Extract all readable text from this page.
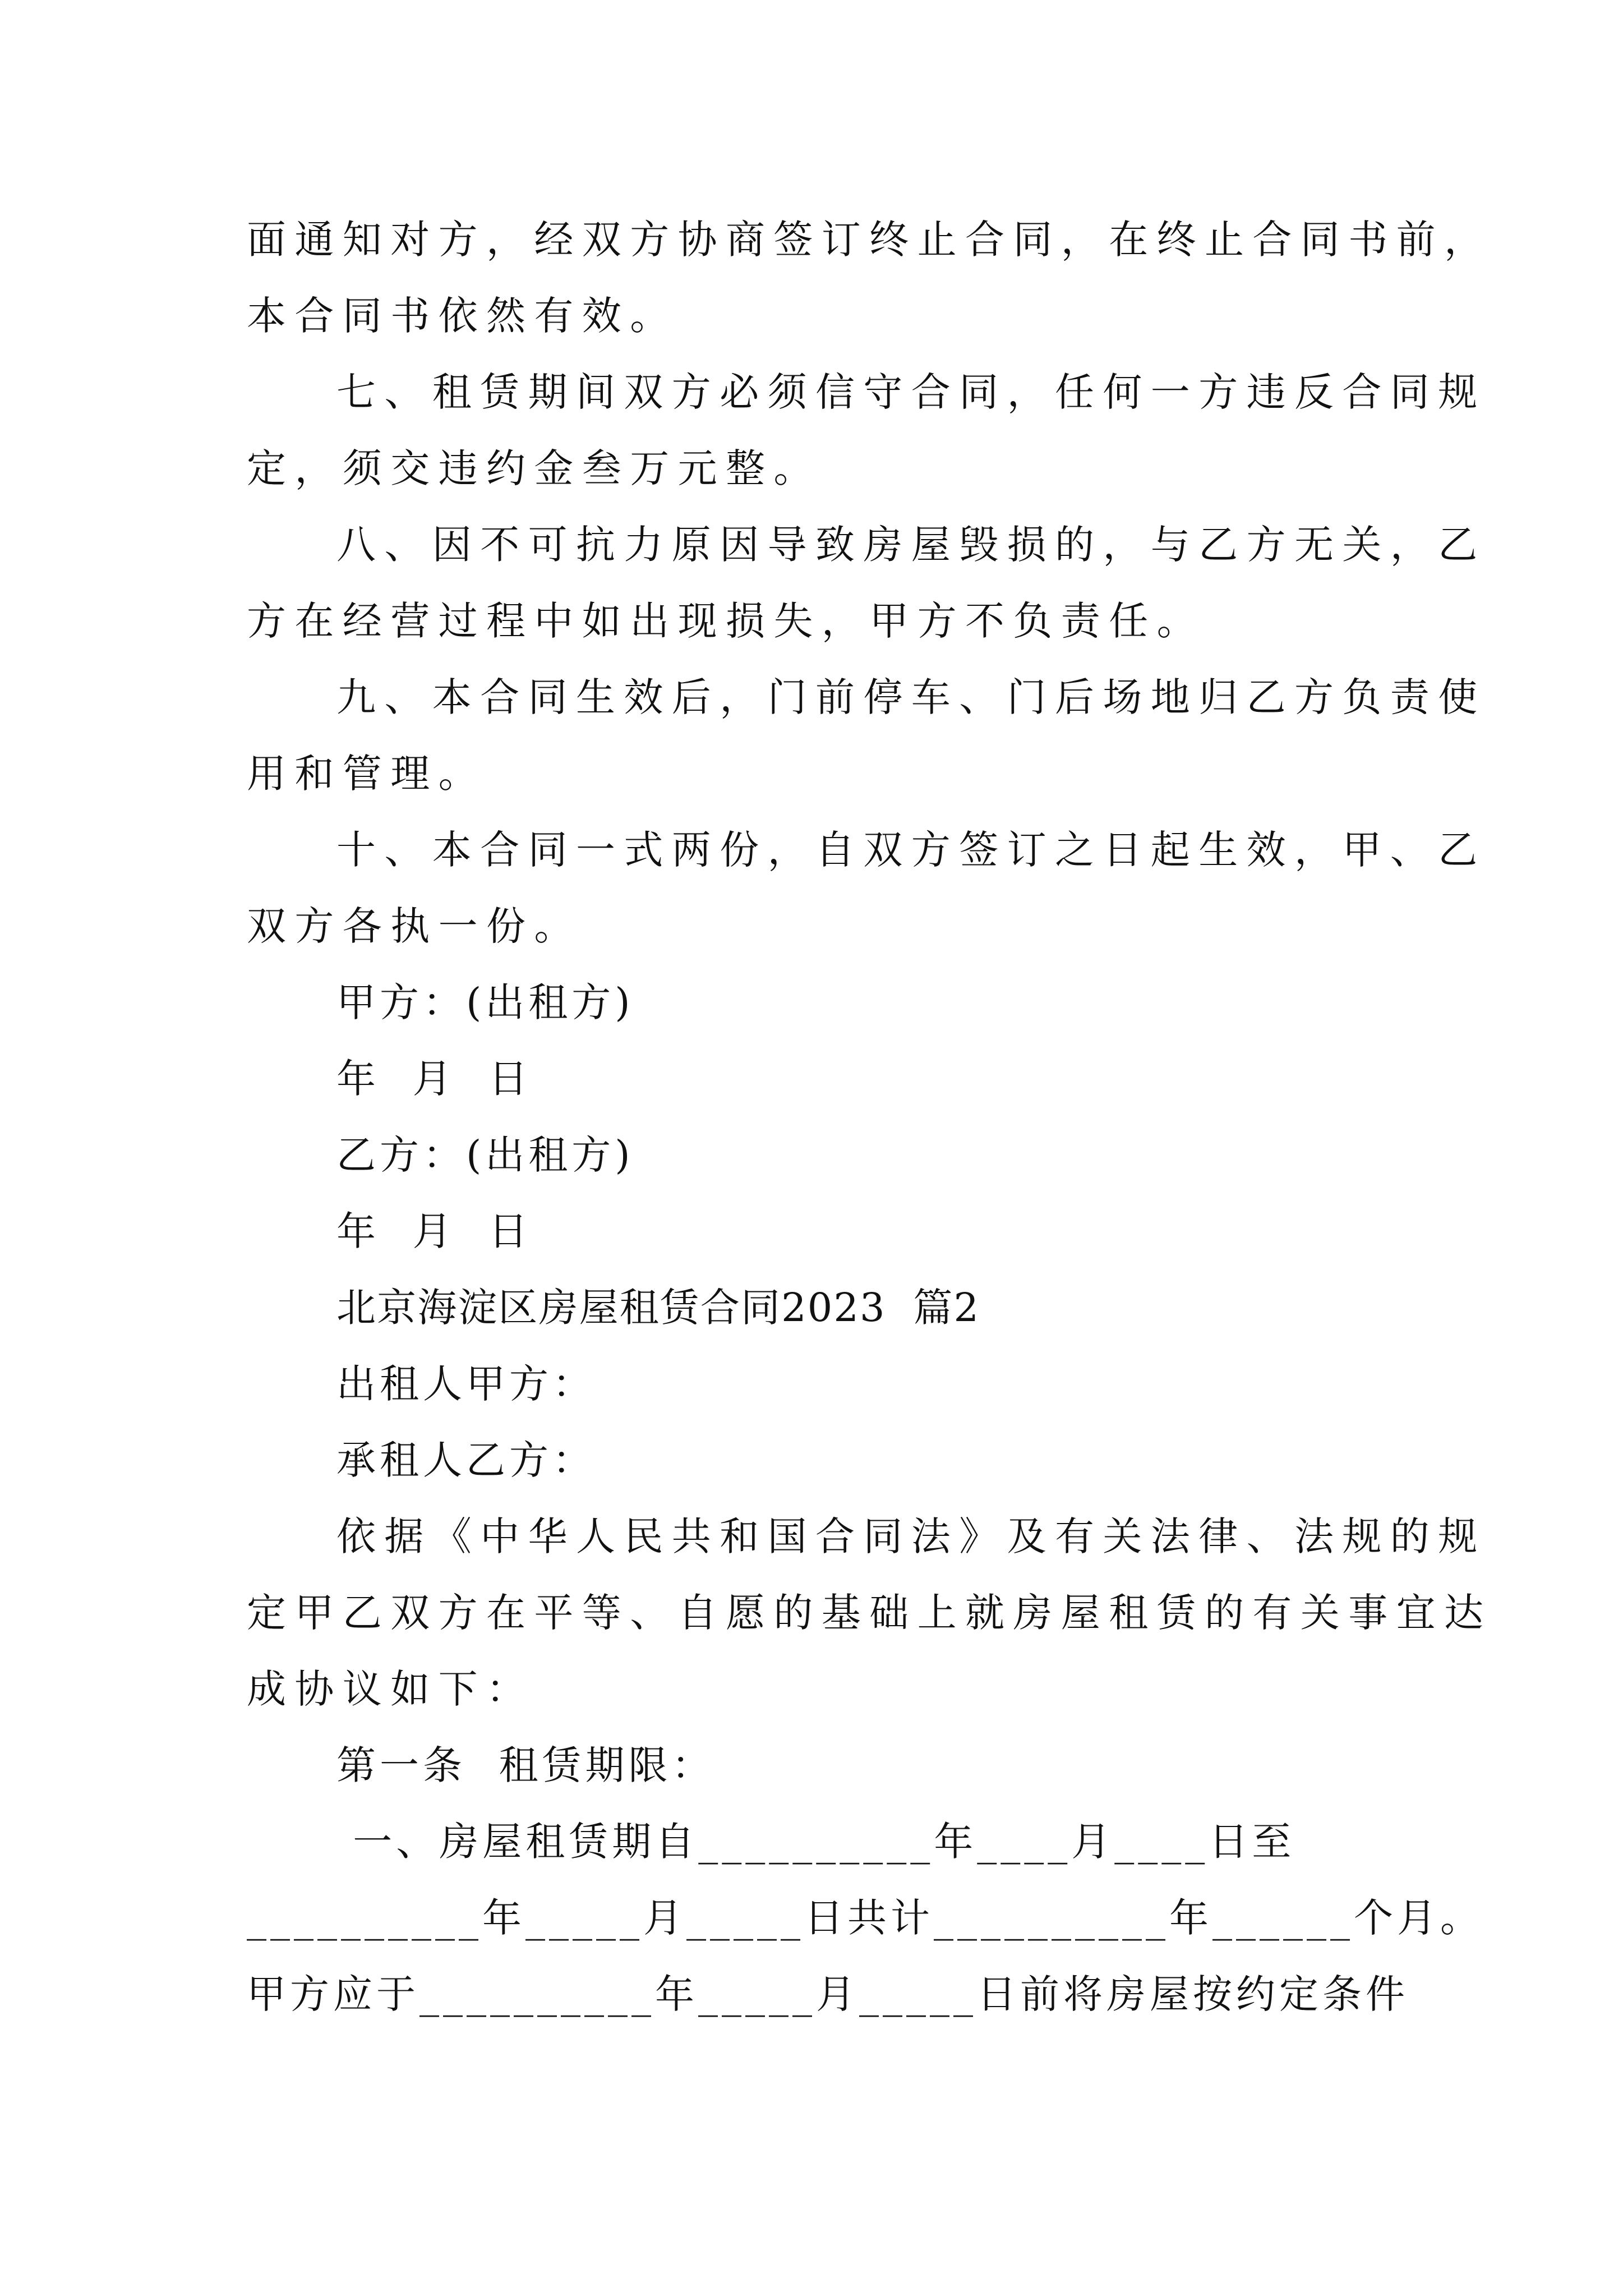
面通知对方，经双方协商签订终止合同，在终止合同书前，
本合同书依然有效。
七、租赁期间双方必须信守合同，任何一方违反合同规
定，须交违约金叁万元整。
八、因不可抗力原因导致房屋毁损的，与乙方无关，乙
方在经营过程中如出现损失，甲方不负责任。
九、本合同生效后，门前停车、门后场地归乙方负责使
用和管理。
十、本合同一式两份，自双方签订之日起生效，甲、乙
双方各执一份。
甲方：(出租方)
年  月  日
乙方：(出租方)
年  月  日
北京海淀区房屋租赁合同2023  篇2
出租人甲方：
承租人乙方：
依据《中华人民共和国合同法》及有关法律、法规的规
定甲乙双方在平等、自愿的基础上就房屋租赁的有关事宜达
成协议如下：
第一条  租赁期限：
一、房屋租赁期自__________年____月____日至
__________年_____月_____日共计__________年______个月。
甲方应于__________年_____月_____日前将房屋按约定条件
